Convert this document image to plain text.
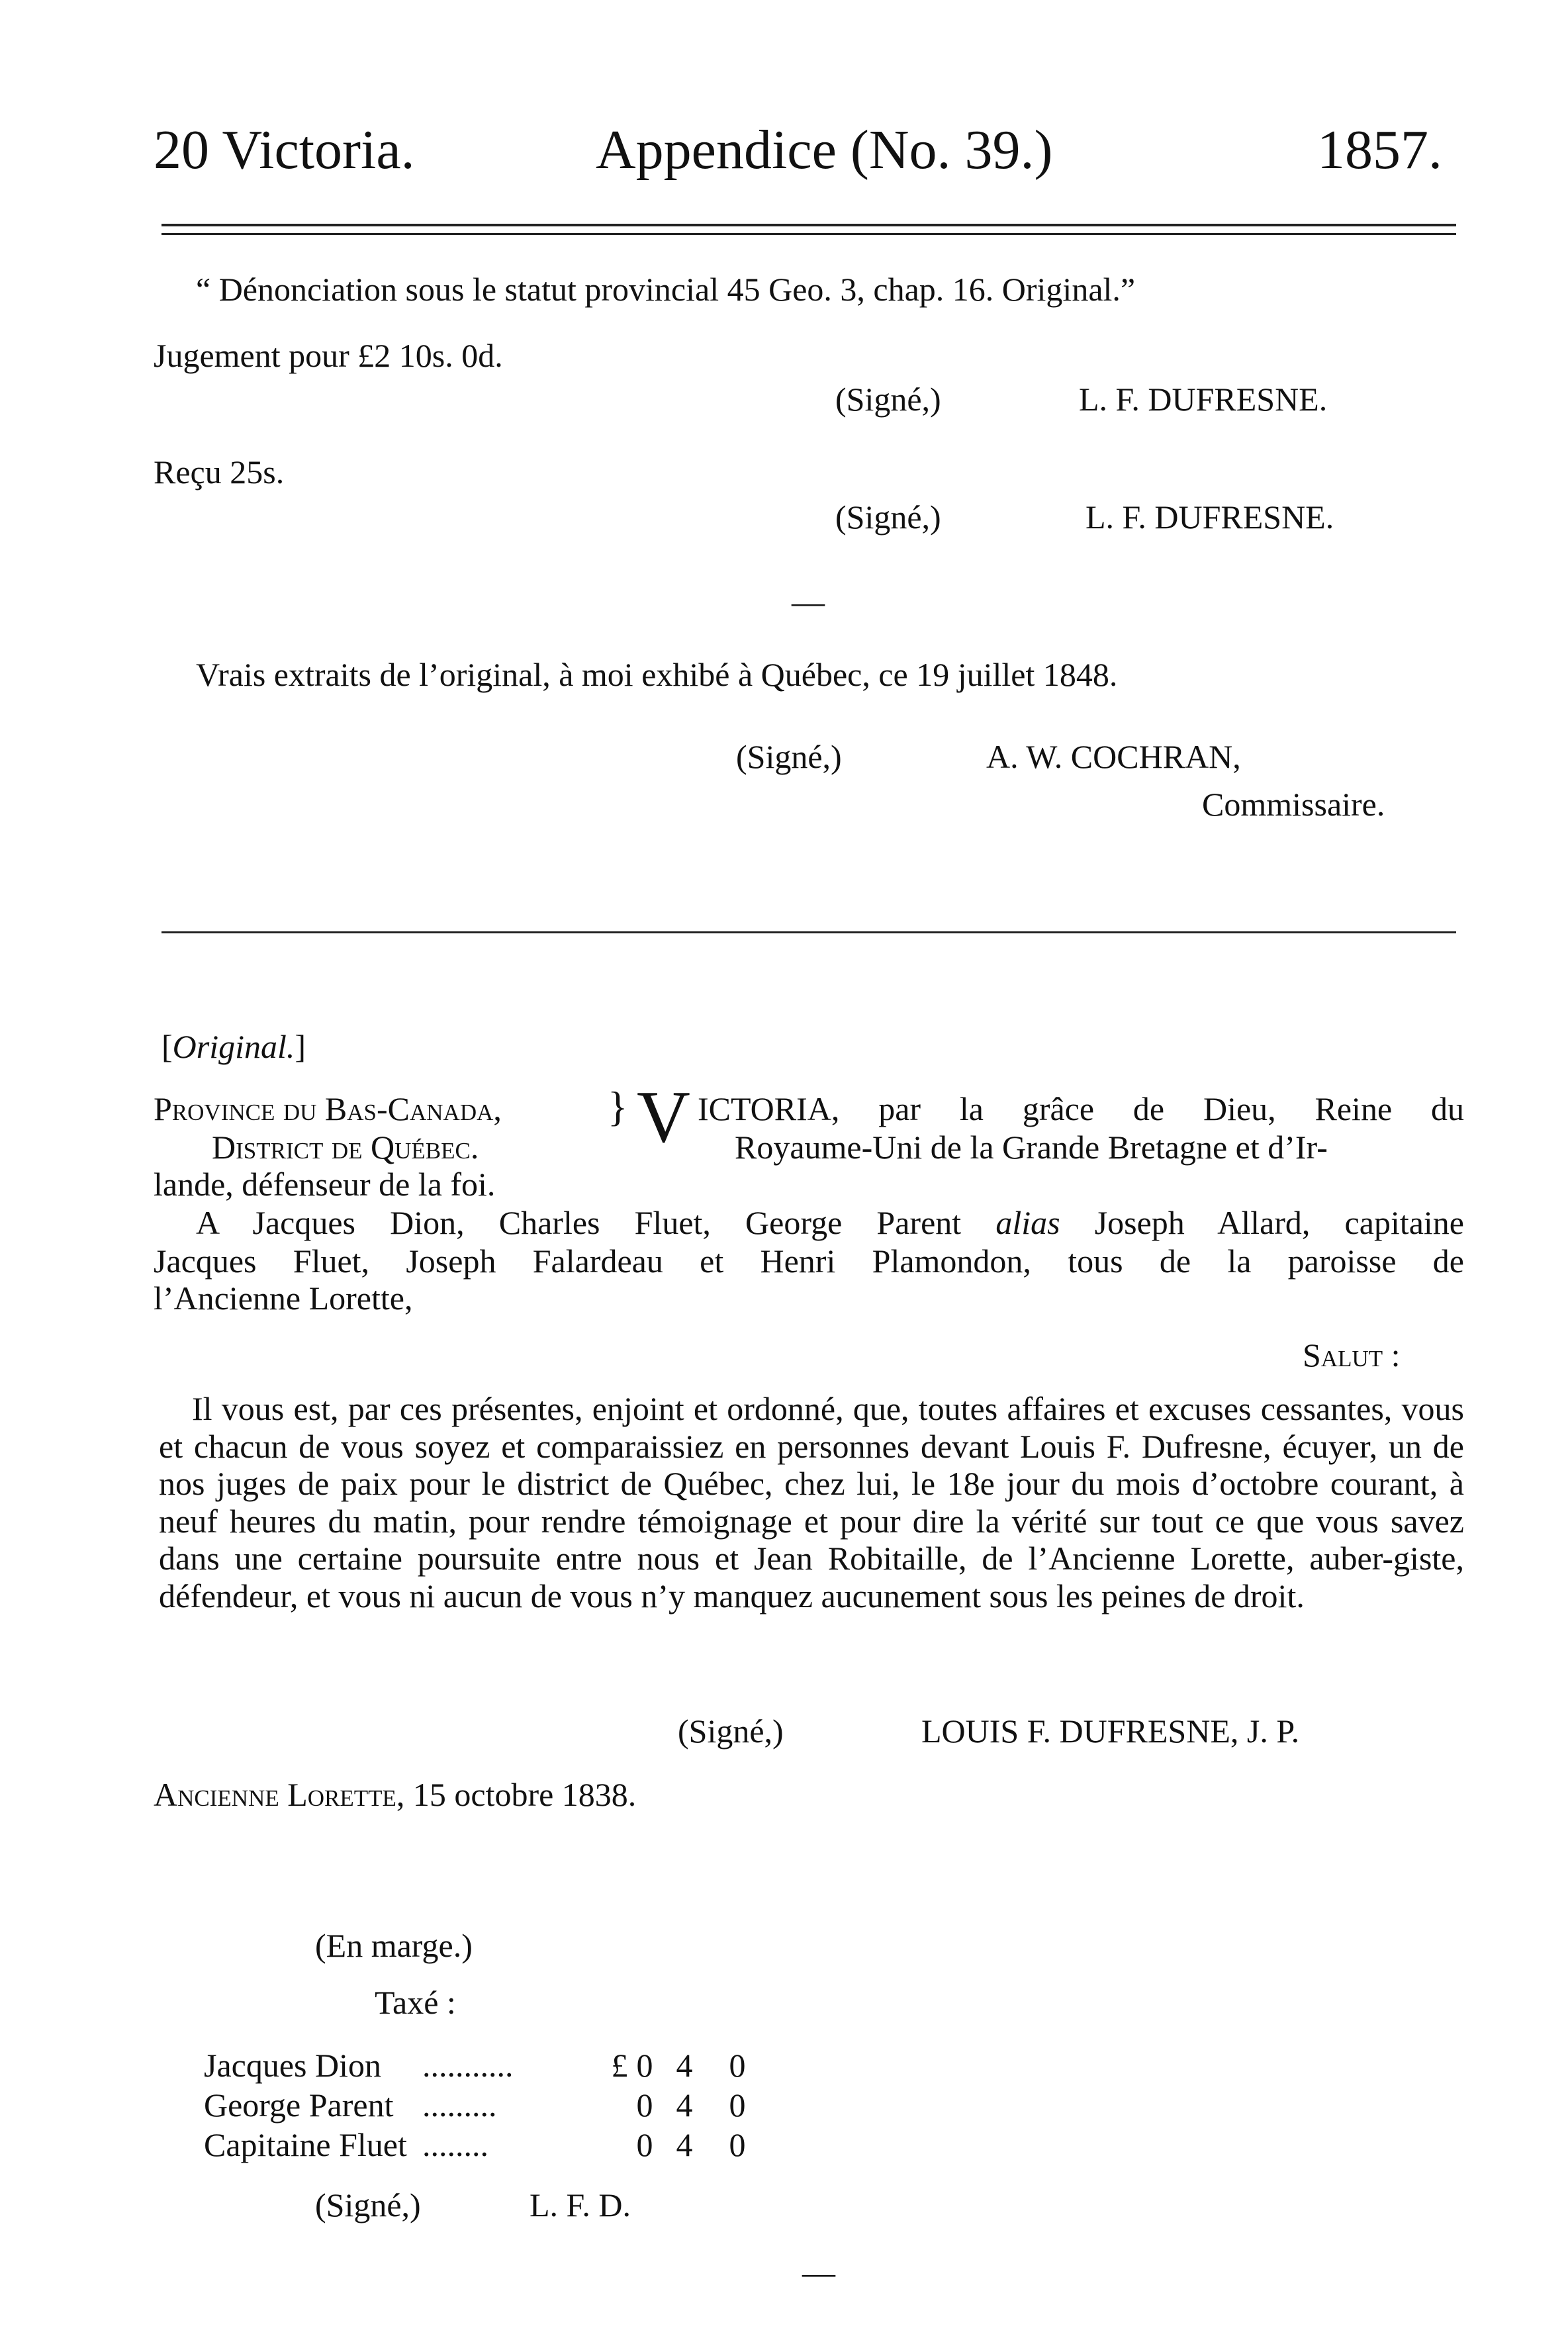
20 Victoria.	Appendice (No. 39.)	1857.
“ Dénonciation sous le statut provincial 45 Geo. 3, chap. 16. Original.”
Jugement pour £2 10s. 0d.
(Signé,)	L. F. DUFRESNE.
Reçu 25s.
(Signé,)	L. F. DUFRESNE.
—
Vrais extraits de l’original, à moi exhibé à Québec, ce 19 juillet 1848.
(Signé,)	A. W. COCHRAN,
Commissaire.
[Original.]
Province du Bas-Canada,
District de Québec.
} V ICTORIA, par la grâce de Dieu, Reine du
Royaume-Uni de la Grande Bretagne et d’Ir-
lande, défenseur de la foi.
A Jacques Dion, Charles Fluet, George Parent alias Joseph Allard, capitaine
Jacques Fluet, Joseph Falardeau et Henri Plamondon, tous de la paroisse de
l’Ancienne Lorette,
Salut :
Il vous est, par ces présentes, enjoint et ordonné, que, toutes affaires et excuses cessantes, vous et chacun de vous soyez et comparaissiez en personnes devant Louis F. Dufresne, écuyer, un de nos juges de paix pour le district de Québec, chez lui, le 18e jour du mois d’octobre courant, à neuf heures du matin, pour rendre témoignage et pour dire la vérité sur tout ce que vous savez dans une certaine poursuite entre nous et Jean Robitaille, de l’Ancienne Lorette, auber-giste, défendeur, et vous ni aucun de vous n’y manquez aucunement sous les peines de droit.
(Signé,)	LOUIS F. DUFRESNE, J. P.
Ancienne Lorette, 15 octobre 1838.
(En marge.)
Taxé :
Jacques Dion	...........	£	0	4	0
George Parent	.........		0	4	0
Capitaine Fluet	........		0	4	0
(Signé,)	L. F. D.
—
